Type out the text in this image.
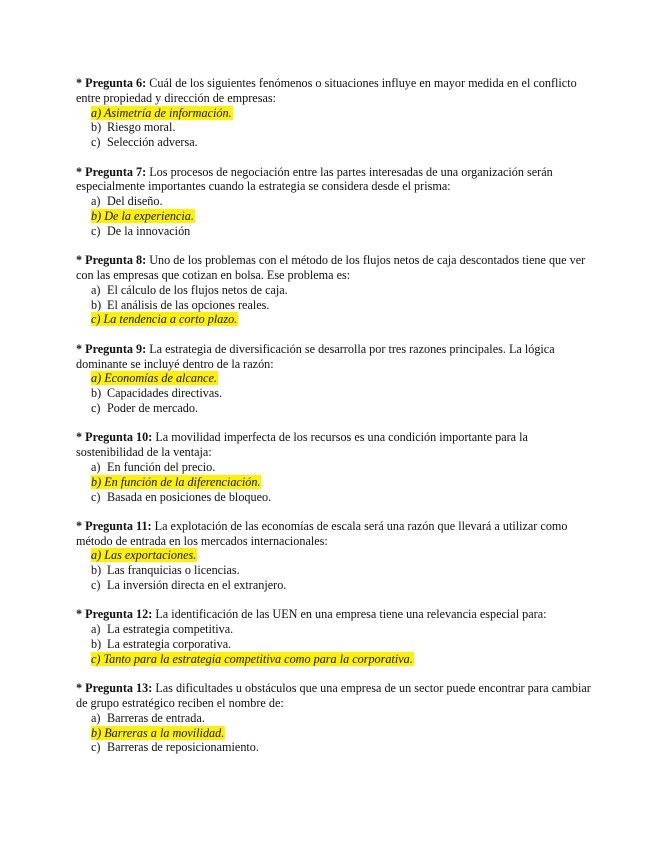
* Pregunta 6: Cuál de los siguientes fenómenos o situaciones influye en mayor medida en el conflicto entre propiedad y dirección de empresas:

a) Asimetría de información.
b) Riesgo moral.
c) Selección adversa.

* Pregunta 7: Los procesos de negociación entre las partes interesadas de una organización serán especialmente importantes cuando la estrategia se considera desde el prisma:

a) Del diseño.
b) De la experiencia.
c) De la innovación

* Pregunta 8: Uno de los problemas con el método de los flujos netos de caja descontados tiene que ver con las empresas que cotizan en bolsa. Ese problema es:

a) El cálculo de los flujos netos de caja.
b) El análisis de las opciones reales.
c) La tendencia a corto plazo.

* Pregunta 9: La estrategia de diversificación se desarrolla por tres razones principales. La lógica dominante se incluyé dentro de la razón:

a) Economías de alcance.
b) Capacidades directivas.
c) Poder de mercado.

* Pregunta 10: La movilidad imperfecta de los recursos es una condición importante para la sostenibilidad de la ventaja:

a) En función del precio.
b) En función de la diferenciación.
c) Basada en posiciones de bloqueo.

* Pregunta 11: La explotación de las economías de escala será una razón que llevará a utilizar como método de entrada en los mercados internacionales:

a) Las exportaciones.
b) Las franquicias o licencias.
c) La inversión directa en el extranjero.

* Pregunta 12: La identificación de las UEN en una empresa tiene una relevancia especial para:

a) La estrategia competitiva.
b) La estrategia corporativa.
c) Tanto para la estrategia competitiva como para la corporativa.

* Pregunta 13: Las dificultades u obstáculos que una empresa de un sector puede encontrar para cambiar de grupo estratégico reciben el nombre de:

a) Barreras de entrada.
b) Barreras a la movilidad.
c) Barreras de reposicionamiento.
